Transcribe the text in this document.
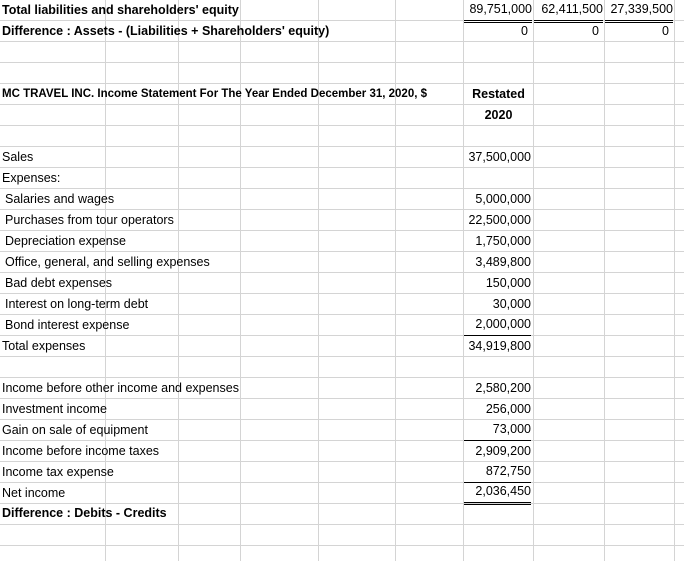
Total liabilities and shareholders' equity	89,751,000 62,411,500 27,339,500
Difference : Assets - (Liabilities + Shareholders' equity)	0	0	0
MC TRAVEL INC. Income Statement For The Year Ended December 31, 2020, $	Restated
2020
Sales	37,500,000
Expenses:
Salaries and wages	5,000,000
Purchases from tour operators	22,500,000
Depreciation expense	1,750,000
Office, general, and selling expenses	3,489,800
Bad debt expenses	150,000
Interest on long-term debt	30,000
Bond interest expense	2,000,000
Total expenses	34,919,800
Income before other income and expenses	2,580,200
Investment income	256,000
Gain on sale of equipment	73,000
Income before income taxes	2,909,200
Income tax expense	872,750
Net income	2,036,450
Difference : Debits - Credits
